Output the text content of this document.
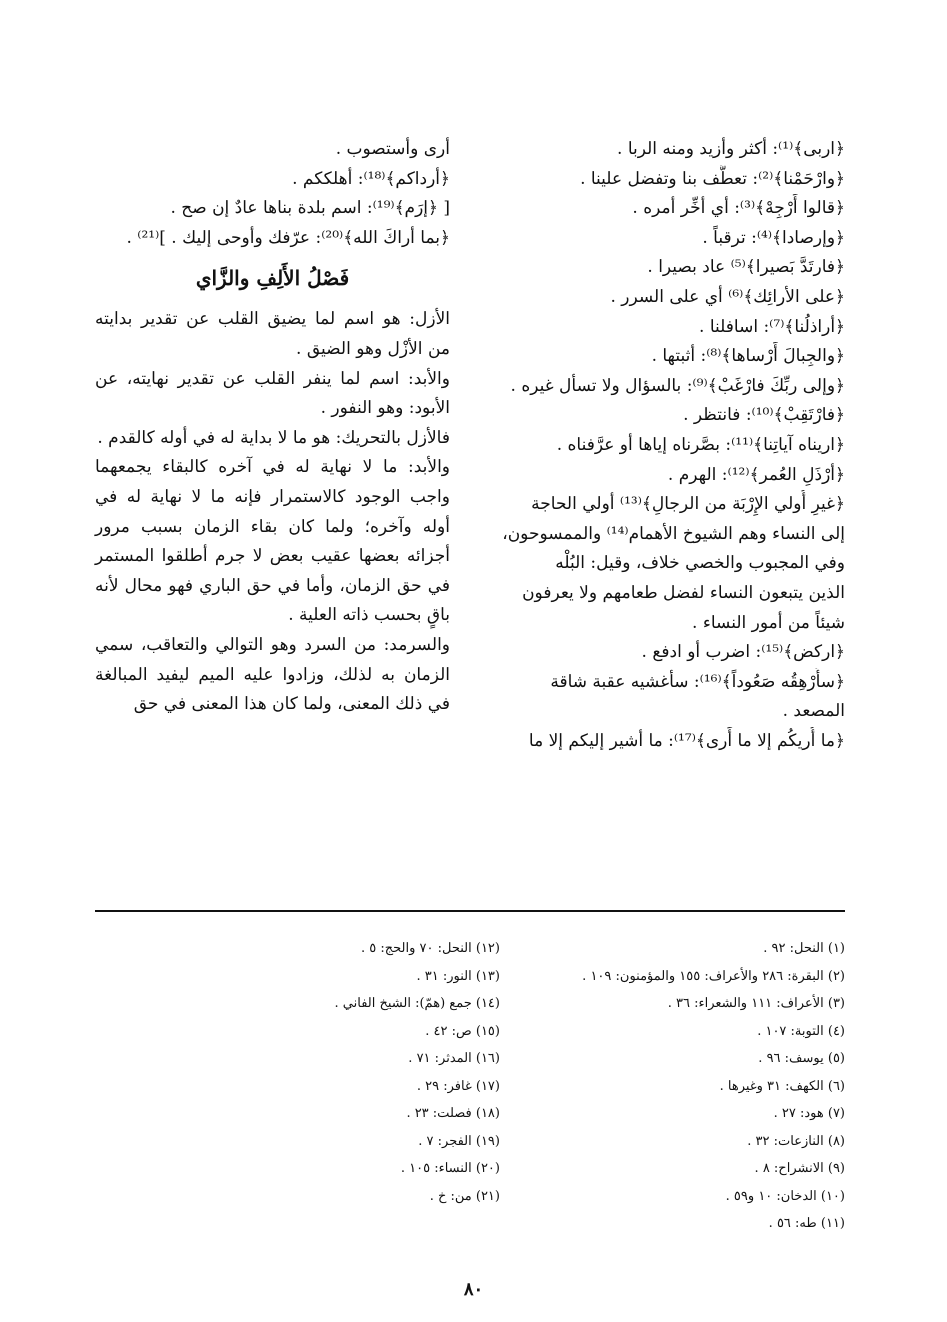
﴿اربى﴾⁽¹⁾: أكثر وأزيد ومنه الربا .
﴿وارْحَمْنا﴾⁽²⁾: تعطَّف بنا وتفضل علينا .
﴿قالوا أَرْجِهْ﴾⁽³⁾: أي أخِّر أمره .
﴿وإرصادا﴾⁽⁴⁾: ترقباً .
﴿فارتَدَّ بَصيرا﴾⁽⁵⁾ عاد بصيرا .
﴿على الأرائِك﴾⁽⁶⁾ أي على السرر .
﴿أراذلُنا﴾⁽⁷⁾: اسافلنا .
﴿والجِبالَ أَرْساها﴾⁽⁸⁾: أثبتها .
﴿وإلى ربِّكَ فارْغَبْ﴾⁽⁹⁾: بالسؤال ولا تسأل غيره .
﴿فارْتَقِبْ﴾⁽¹⁰⁾: فانتظر .
﴿اريناه آياتِنا﴾⁽¹¹⁾: بصَّرناه إياها أو عرَّفناه .
﴿أرْذَلِ العُمر﴾⁽¹²⁾: الهرم .
﴿غيرِ أُولي الإِرْبَة من الرجالِ﴾⁽¹³⁾ أولي الحاجة
إلى النساء وهم الشيوخ الأهمام⁽¹⁴⁾ والممسوحون،
وفي المجبوب والخصي خلاف، وقيل: البُلْه
الذين يتبعون النساء لفضل طعامهم ولا يعرفون
شيئاً من أمور النساء .
﴿اركض﴾⁽¹⁵⁾: اضرب أو ادفع .
﴿سأُرْهِقُه صَعُوداً﴾⁽¹⁶⁾: سأغشيه عقبة شاقة
المصعد .
﴿ما أُريكُم إلا ما أَرى﴾⁽¹⁷⁾: ما أشير إليكم إلا ما
أرى وأستصوب .
﴿أرداكم﴾⁽¹⁸⁾: أهلككم .
[ ﴿إرَم﴾⁽¹⁹⁾: اسم بلدة بناها عادٌ إن صح .
﴿بما أراكَ الله﴾⁽²⁰⁾: عرّفك وأوحى إليك . ]⁽²¹⁾ .
فَصْلُ الأَلِفِ والزَّاي

الأزل: هو اسم لما يضيق القلب عن تقدير بدايته من الأزْل وهو الضيق .

والأبد: اسم لما ينفر القلب عن تقدير نهايته، عن الأبود: وهو النفور .

فالأزل بالتحريك: هو ما لا بداية له في أوله كالقدم .

والأبد: ما لا نهاية له في آخره كالبقاء يجمعهما واجب الوجود كالاستمرار فإنه ما لا نهاية له في أوله وآخره؛ ولما كان بقاء الزمان بسبب مرور أجزائه بعضها عقيب بعض لا جرم أطلقوا المستمر في حق الزمان، وأما في حق الباري فهو محال لأنه باقٍ بحسب ذاته العلية .

والسرمد: من السرد وهو التوالي والتعاقب، سمي الزمان به لذلك، وزادوا عليه الميم ليفيد المبالغة في ذلك المعنى، ولما كان هذا المعنى في حق

(١) النحل: ٩٢ .
(٢) البقرة: ٢٨٦ والأعراف: ١٥٥ والمؤمنون: ١٠٩ .
(٣) الأعراف: ١١١ والشعراء: ٣٦ .
(٤) التوبة: ١٠٧ .
(٥) يوسف: ٩٦ .
(٦) الكهف: ٣١ وغيرها .
(٧) هود: ٢٧ .
(٨) النازعات: ٣٢ .
(٩) الانشراح: ٨ .
(١٠) الدخان: ١٠ و٥٩ .
(١١) طه: ٥٦ .
(١٢) النحل: ٧٠ والحج: ٥ .
(١٣) النور: ٣١ .
(١٤) جمع (همّ): الشيخ الفاني .
(١٥) ص: ٤٢ .
(١٦) المدثر: ٧١ .
(١٧) غافر: ٢٩ .
(١٨) فصلت: ٢٣ .
(١٩) الفجر: ٧ .
(٢٠) النساء: ١٠٥ .
(٢١) من: خ .
٨٠
